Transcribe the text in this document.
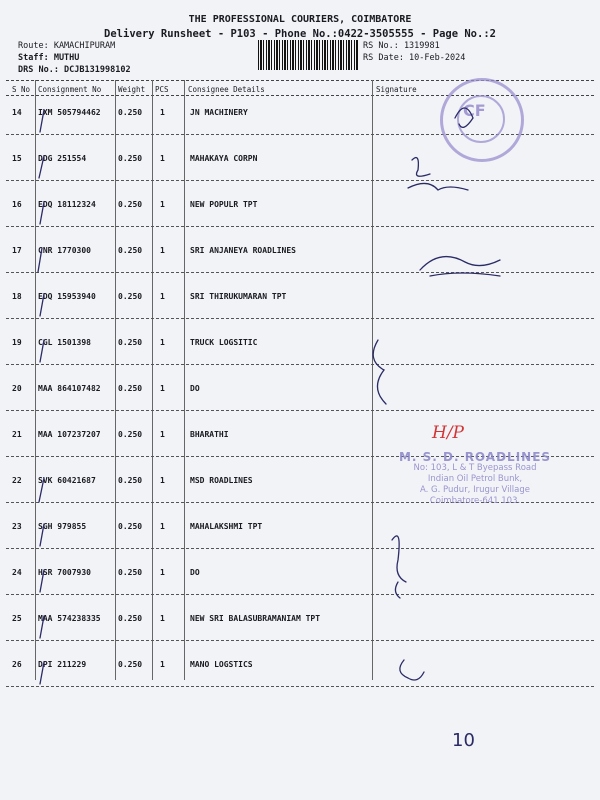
THE PROFESSIONAL COURIERS, COIMBATORE
Delivery Runsheet - P103 - Phone No.:0422-3505555 - Page No.:2
Route: KAMACHIPURAM
Staff: MUTHU
DRS No.: DCJB131998102
RS No.: 1319981
RS Date: 10-Feb-2024
S No Consignment No Weight PCS	Consignee Details	Signature
14 IXM 505794462 0.250 1	JN MACHINERY
15 DDG 251554	0.250 1	MAHAKAYA CORPN
16 EDQ 18112324	0.250 1	NEW POPULR TPT
17 CNR 1770300	0.250 1	SRI ANJANEYA ROADLINES
18 EDQ 15953940	0.250 1	SRI THIRUKUMARAN TPT
19 CGL 1501398	0.250 1	TRUCK LOGSITIC
20 MAA 864107482 0.250 1	DO
21 MAA 107237207 0.250 1	BHARATHI
22 SVK 60421687	0.250 1	MSD ROADLINES
23 SGH 979855	0.250 1	MAHALAKSHMI TPT
24 HSR 7007930	0.250 1	DO
25 MAA 574238335 0.250 1	NEW SRI BALASUBRAMANIAM TPT
26 DPI 211229	0.250 1	MANO LOGSTICS
CF
H/P
M. S. D. ROADLINES
No: 103, L & T Byepass Road
Indian Oil Petrol Bunk,
A. G. Pudur, Irugur Village
Coimbatore-641 103.
10
